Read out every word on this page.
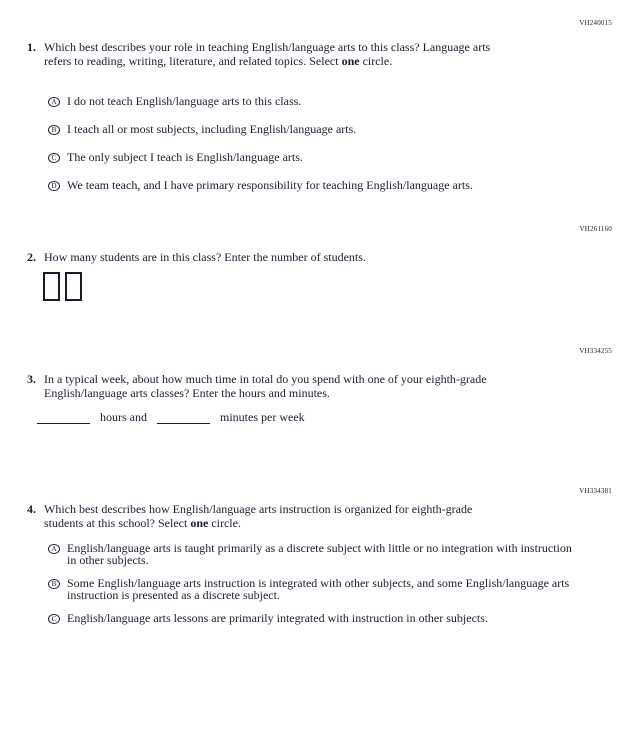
VH240015
1. Which best describes your role in teaching English/language arts to this class? Language arts refers to reading, writing, literature, and related topics. Select one circle.
A I do not teach English/language arts to this class.
B I teach all or most subjects, including English/language arts.
C The only subject I teach is English/language arts.
D We team teach, and I have primary responsibility for teaching English/language arts.
VH261160
2. How many students are in this class? Enter the number of students.
VH334255
3. In a typical week, about how much time in total do you spend with one of your eighth-grade English/language arts classes? Enter the hours and minutes.
hours and	minutes per week
VH334381
4. Which best describes how English/language arts instruction is organized for eighth-grade students at this school? Select one circle.
A English/language arts is taught primarily as a discrete subject with little or no integration with instruction in other subjects.
B Some English/language arts instruction is integrated with other subjects, and some English/language arts instruction is presented as a discrete subject.
C English/language arts lessons are primarily integrated with instruction in other subjects.
